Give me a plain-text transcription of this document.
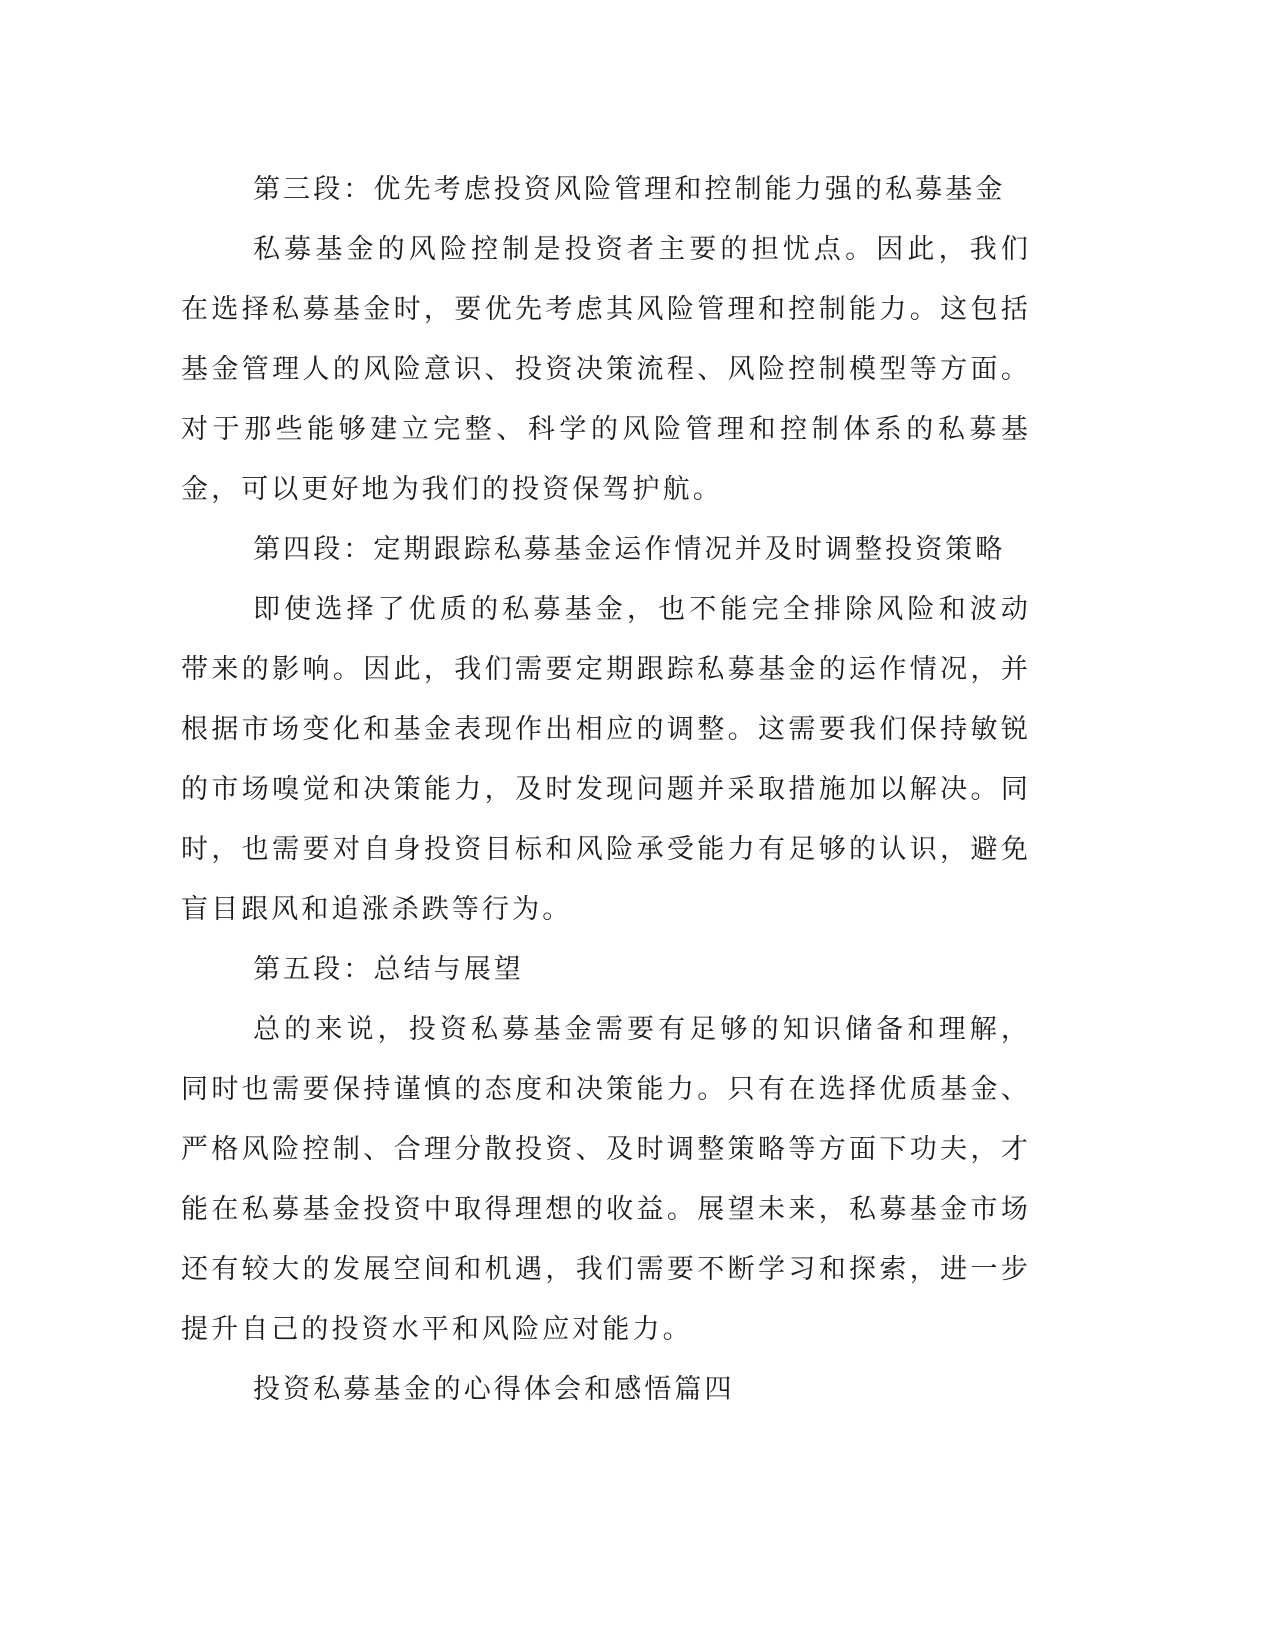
第三段：优先考虑投资风险管理和控制能力强的私募基金

私募基金的风险控制是投资者主要的担忧点。因此，我们在选择私募基金时，要优先考虑其风险管理和控制能力。这包括基金管理人的风险意识、投资决策流程、风险控制模型等方面。对于那些能够建立完整、科学的风险管理和控制体系的私募基金，可以更好地为我们的投资保驾护航。

第四段：定期跟踪私募基金运作情况并及时调整投资策略

即使选择了优质的私募基金，也不能完全排除风险和波动带来的影响。因此，我们需要定期跟踪私募基金的运作情况，并根据市场变化和基金表现作出相应的调整。这需要我们保持敏锐的市场嗅觉和决策能力，及时发现问题并采取措施加以解决。同时，也需要对自身投资目标和风险承受能力有足够的认识，避免盲目跟风和追涨杀跌等行为。

第五段：总结与展望

总的来说，投资私募基金需要有足够的知识储备和理解，同时也需要保持谨慎的态度和决策能力。只有在选择优质基金、严格风险控制、合理分散投资、及时调整策略等方面下功夫，才能在私募基金投资中取得理想的收益。展望未来，私募基金市场还有较大的发展空间和机遇，我们需要不断学习和探索，进一步提升自己的投资水平和风险应对能力。

投资私募基金的心得体会和感悟篇四
